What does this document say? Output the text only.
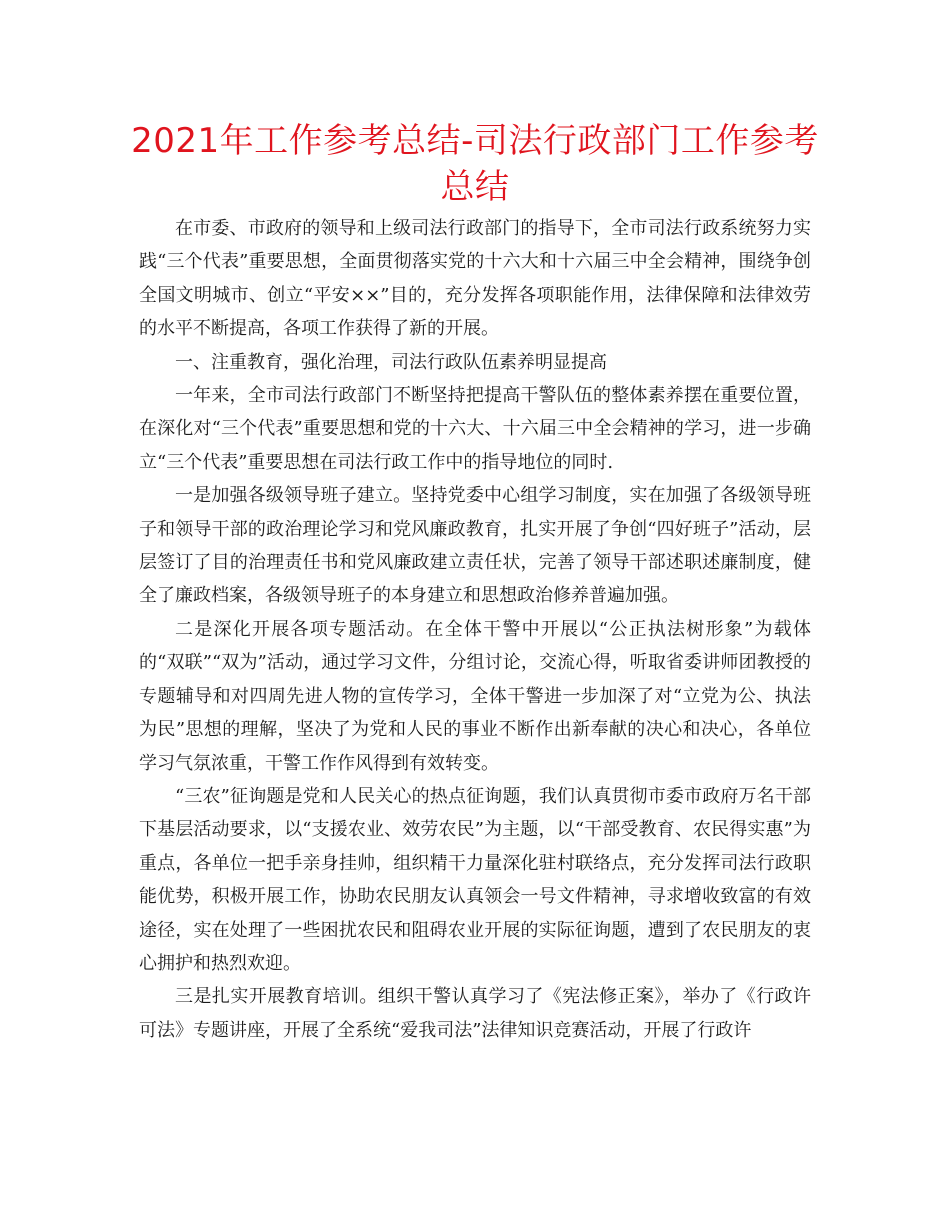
2021年工作参考总结-司法行政部门工作参考总结

在市委、市政府的领导和上级司法行政部门的指导下，全市司法行政系统努力实践“三个代表”重要思想，全面贯彻落实党的十六大和十六届三中全会精神，围绕争创全国文明城市、创立“平安××”目的，充分发挥各项职能作用，法律保障和法律效劳的水平不断提高，各项工作获得了新的开展。

一、注重教育，强化治理，司法行政队伍素养明显提高

一年来，全市司法行政部门不断坚持把提高干警队伍的整体素养摆在重要位置，在深化对“三个代表”重要思想和党的十六大、十六届三中全会精神的学习，进一步确立“三个代表”重要思想在司法行政工作中的指导地位的同时.

一是加强各级领导班子建立。坚持党委中心组学习制度，实在加强了各级领导班子和领导干部的政治理论学习和党风廉政教育，扎实开展了争创“四好班子”活动，层层签订了目的治理责任书和党风廉政建立责任状，完善了领导干部述职述廉制度，健全了廉政档案，各级领导班子的本身建立和思想政治修养普遍加强。

二是深化开展各项专题活动。在全体干警中开展以“公正执法树形象”为载体的“双联”“双为”活动，通过学习文件，分组讨论，交流心得，听取省委讲师团教授的专题辅导和对四周先进人物的宣传学习，全体干警进一步加深了对“立党为公、执法为民”思想的理解，坚决了为党和人民的事业不断作出新奉献的决心和决心，各单位学习气氛浓重，干警工作作风得到有效转变。

“三农”征询题是党和人民关心的热点征询题，我们认真贯彻市委市政府万名干部下基层活动要求，以“支援农业、效劳农民”为主题，以“干部受教育、农民得实惠”为重点，各单位一把手亲身挂帅，组织精干力量深化驻村联络点，充分发挥司法行政职能优势，积极开展工作，协助农民朋友认真领会一号文件精神，寻求增收致富的有效途径，实在处理了一些困扰农民和阻碍农业开展的实际征询题，遭到了农民朋友的衷心拥护和热烈欢迎。

三是扎实开展教育培训。组织干警认真学习了《宪法修正案》，举办了《行政许可法》专题讲座，开展了全系统“爱我司法”法律知识竞赛活动，开展了行政许
